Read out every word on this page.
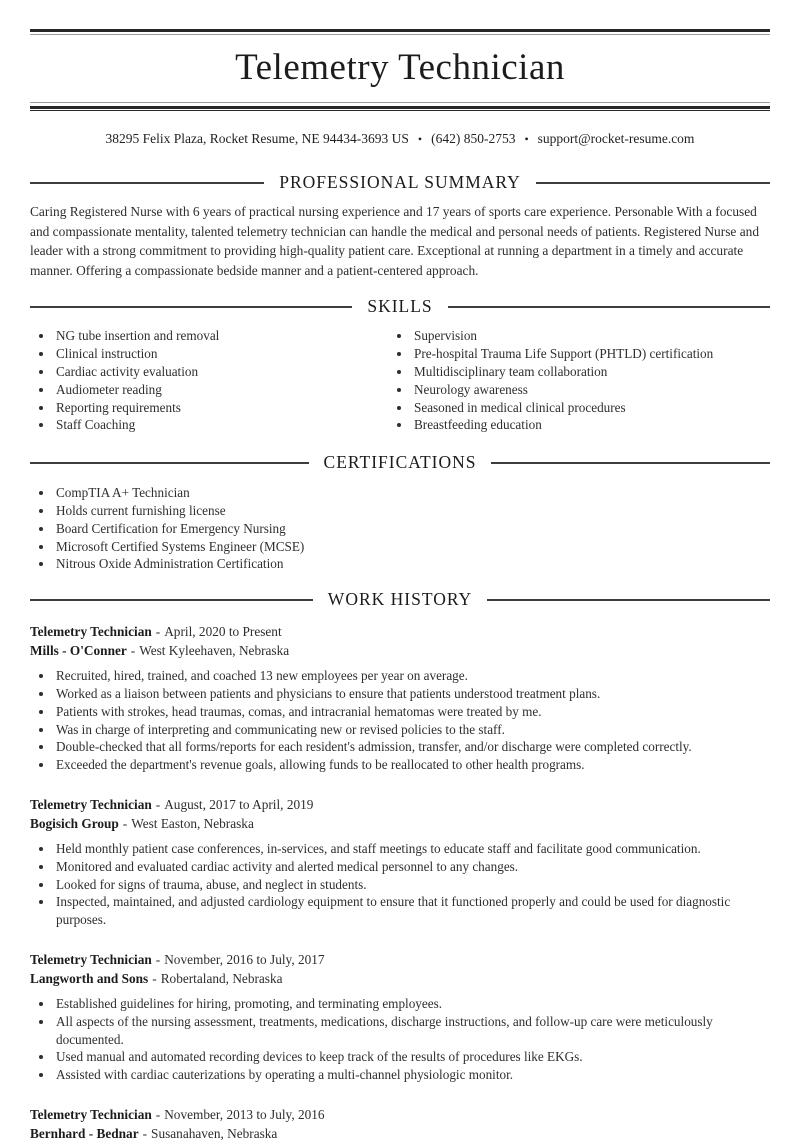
Telemetry Technician
38295 Felix Plaza, Rocket Resume, NE 94434-3693 US • (642) 850-2753 • support@rocket-resume.com
PROFESSIONAL SUMMARY
Caring Registered Nurse with 6 years of practical nursing experience and 17 years of sports care experience. Personable With a focused and compassionate mentality, talented telemetry technician can handle the medical and personal needs of patients. Registered Nurse and leader with a strong commitment to providing high-quality patient care. Exceptional at running a department in a timely and accurate manner. Offering a compassionate bedside manner and a patient-centered approach.
SKILLS
• NG tube insertion and removal
• Clinical instruction
• Cardiac activity evaluation
• Audiometer reading
• Reporting requirements
• Staff Coaching
• Supervision
• Pre-hospital Trauma Life Support (PHTLD) certification
• Multidisciplinary team collaboration
• Neurology awareness
• Seasoned in medical clinical procedures
• Breastfeeding education
CERTIFICATIONS
• CompTIA A+ Technician
• Holds current furnishing license
• Board Certification for Emergency Nursing
• Microsoft Certified Systems Engineer (MCSE)
• Nitrous Oxide Administration Certification
WORK HISTORY
Telemetry Technician - April, 2020 to Present
Mills - O'Conner - West Kyleehaven, Nebraska
• Recruited, hired, trained, and coached 13 new employees per year on average.
• Worked as a liaison between patients and physicians to ensure that patients understood treatment plans.
• Patients with strokes, head traumas, comas, and intracranial hematomas were treated by me.
• Was in charge of interpreting and communicating new or revised policies to the staff.
• Double-checked that all forms/reports for each resident's admission, transfer, and/or discharge were completed correctly.
• Exceeded the department's revenue goals, allowing funds to be reallocated to other health programs.
Telemetry Technician - August, 2017 to April, 2019
Bogisich Group - West Easton, Nebraska
• Held monthly patient case conferences, in-services, and staff meetings to educate staff and facilitate good communication.
• Monitored and evaluated cardiac activity and alerted medical personnel to any changes.
• Looked for signs of trauma, abuse, and neglect in students.
• Inspected, maintained, and adjusted cardiology equipment to ensure that it functioned properly and could be used for diagnostic purposes.
Telemetry Technician - November, 2016 to July, 2017
Langworth and Sons - Robertaland, Nebraska
• Established guidelines for hiring, promoting, and terminating employees.
• All aspects of the nursing assessment, treatments, medications, discharge instructions, and follow-up care were meticulously documented.
• Used manual and automated recording devices to keep track of the results of procedures like EKGs.
• Assisted with cardiac cauterizations by operating a multi-channel physiologic monitor.
Telemetry Technician - November, 2013 to July, 2016
Bernhard - Bednar - Susanahaven, Nebraska
